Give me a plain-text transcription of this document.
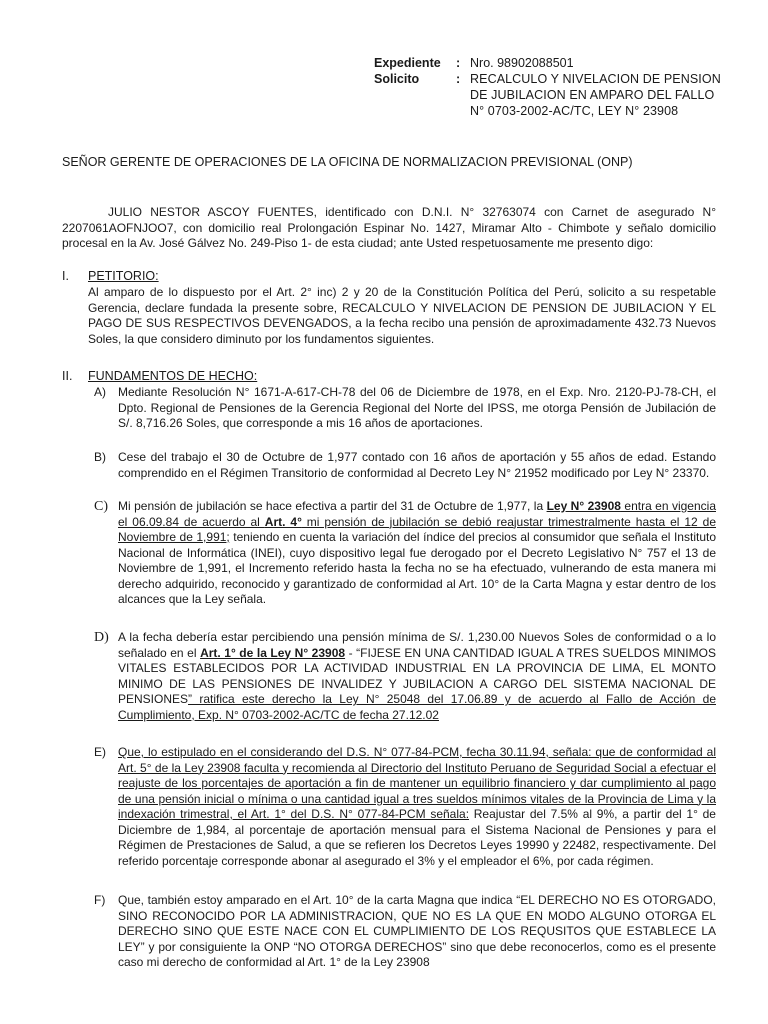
Expediente	: Nro. 98902088501
Solicito	: RECALCULO Y NIVELACION DE PENSION DE JUBILACION EN AMPARO DEL FALLO N° 0703-2002-AC/TC, LEY N° 23908
SEÑOR GERENTE DE OPERACIONES DE LA OFICINA DE NORMALIZACION PREVISIONAL (ONP)

JULIO NESTOR ASCOY FUENTES, identificado con D.N.I. N° 32763074 con Carnet de asegurado N° 2207061AOFNJOO7, con domicilio real Prolongación Espinar No. 1427, Miramar Alto - Chimbote y señalo domicilio procesal en la Av. José Gálvez No. 249-Piso 1- de esta ciudad; ante Usted respetuosamente me presento digo:

I. PETITORIO:

Al amparo de lo dispuesto por el Art. 2° inc) 2 y 20 de la Constitución Política del Perú, solicito a su respetable Gerencia, declare fundada la presente sobre, RECALCULO Y NIVELACION DE PENSION DE JUBILACION Y EL PAGO DE SUS RESPECTIVOS DEVENGADOS, a la fecha recibo una pensión de aproximadamente 432.73 Nuevos Soles, la que considero diminuto por los fundamentos siguientes.

II. FUNDAMENTOS DE HECHO:
A)	Mediante Resolución N° 1671-A-617-CH-78 del 06 de Diciembre de 1978, en el Exp. Nro. 2120-PJ-78-CH, el Dpto. Regional de Pensiones de la Gerencia Regional del Norte del IPSS, me otorga Pensión de Jubilación de S/. 8,716.26 Soles, que corresponde a mis 16 años de aportaciones.
B)	Cese del trabajo el 30 de Octubre de 1,977 contado con 16 años de aportación y 55 años de edad. Estando comprendido en el Régimen Transitorio de conformidad al Decreto Ley N° 21952 modificado por Ley N° 23370.
C) Mi pensión de jubilación se hace efectiva a partir del 31 de Octubre de 1,977, la Ley N° 23908 entra en vigencia el 06.09.84 de acuerdo al Art. 4° mi pensión de jubilación se debió reajustar trimestralmente hasta el 12 de Noviembre de 1,991; teniendo en cuenta la variación del índice del precios al consumidor que señala el Instituto Nacional de Informática (INEI), cuyo dispositivo legal fue derogado por el Decreto Legislativo N° 757 el 13 de Noviembre de 1,991, el Incremento referido hasta la fecha no se ha efectuado, vulnerando de esta manera mi derecho adquirido, reconocido y garantizado de conformidad al Art. 10° de la Carta Magna y estar dentro de los alcances que la Ley señala.
D) A la fecha debería estar percibiendo una pensión mínima de S/. 1,230.00 Nuevos Soles de conformidad o a lo señalado en el Art. 1° de la Ley N° 23908 - “FIJESE EN UNA CANTIDAD IGUAL A TRES SUELDOS MINIMOS VITALES ESTABLECIDOS POR LA ACTIVIDAD INDUSTRIAL EN LA PROVINCIA DE LIMA, EL MONTO MINIMO DE LAS PENSIONES DE INVALIDEZ Y JUBILACION A CARGO DEL SISTEMA NACIONAL DE PENSIONES” ratifica este derecho la Ley N° 25048 del 17.06.89 y de acuerdo al Fallo de Acción de Cumplimiento, Exp. N° 0703-2002-AC/TC de fecha 27.12.02
E)	Que, lo estipulado en el considerando del D.S. N° 077-84-PCM, fecha 30.11.94, señala: que de conformidad al Art. 5° de la Ley 23908 faculta y recomienda al Directorio del Instituto Peruano de Seguridad Social a efectuar el reajuste de los porcentajes de aportación a fin de mantener un equilibrio financiero y dar cumplimiento al pago de una pensión inicial o mínima o una cantidad igual a tres sueldos mínimos vitales de la Provincia de Lima y la indexación trimestral, el Art. 1° del D.S. N° 077-84-PCM señala: Reajustar del 7.5% al 9%, a partir del 1° de Diciembre de 1,984, al porcentaje de aportación mensual para el Sistema Nacional de Pensiones y para el Régimen de Prestaciones de Salud, a que se refieren los Decretos Leyes 19990 y 22482, respectivamente. Del referido porcentaje corresponde abonar al asegurado el 3% y el empleador el 6%, por cada régimen.
F)	Que, también estoy amparado en el Art. 10° de la carta Magna que indica “EL DERECHO NO ES OTORGADO, SINO RECONOCIDO POR LA ADMINISTRACION, QUE NO ES LA QUE EN MODO ALGUNO OTORGA EL DERECHO SINO QUE ESTE NACE CON EL CUMPLIMIENTO DE LOS REQUSITOS QUE ESTABLECE LA LEY” y por consiguiente la ONP “NO OTORGA DERECHOS” sino que debe reconocerlos, como es el presente caso mi derecho de conformidad al Art. 1° de la Ley 23908
